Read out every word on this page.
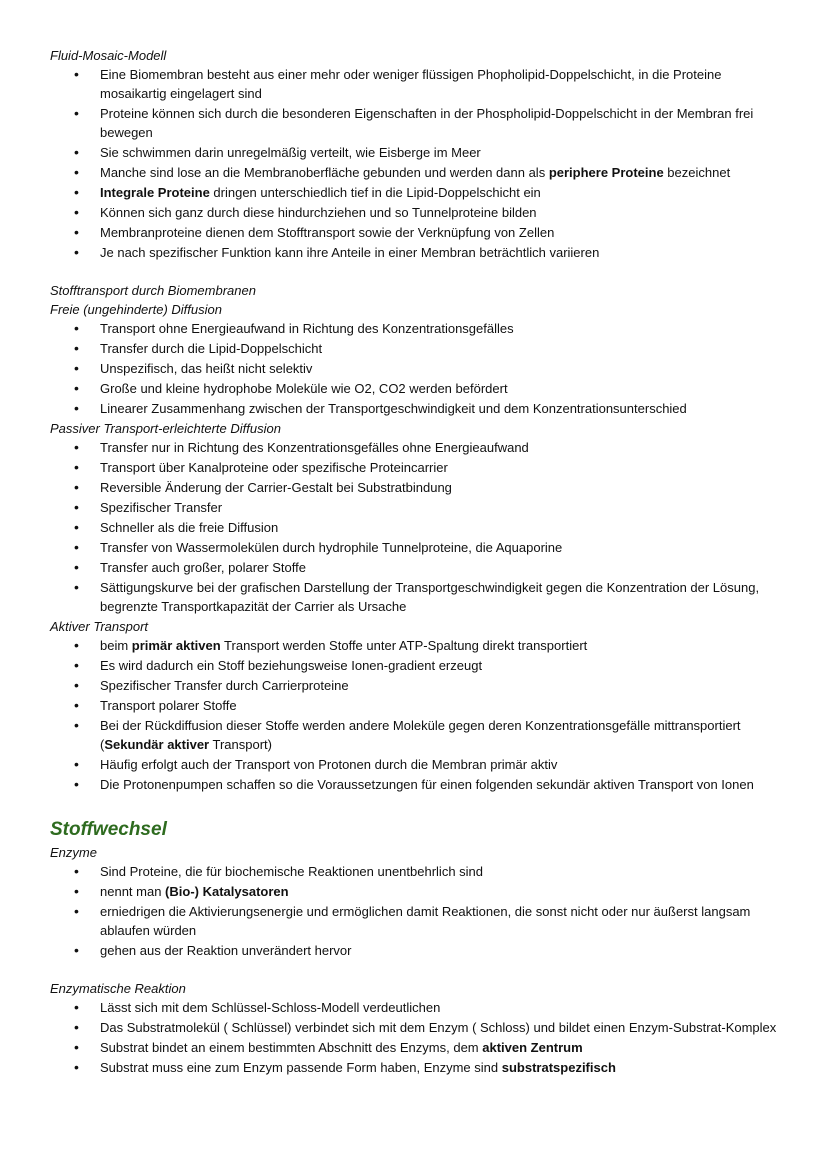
Fluid-Mosaic-Modell

• Eine Biomembran besteht aus einer mehr oder weniger flüssigen Phopholipid-Doppelschicht, in die Proteine mosaikartig eingelagert sind
• Proteine können sich durch die besonderen Eigenschaften in der Phospholipid-Doppelschicht in der Membran frei bewegen
• Sie schwimmen darin unregelmäßig verteilt, wie Eisberge im Meer
• Manche sind lose an die Membranoberfläche gebunden und werden dann als periphere Proteine bezeichnet
• Integrale Proteine dringen unterschiedlich tief in die Lipid-Doppelschicht ein
• Können sich ganz durch diese hindurchziehen und so Tunnelproteine bilden
• Membranproteine dienen dem Stofftransport sowie der Verknüpfung von Zellen
• Je nach spezifischer Funktion kann ihre Anteile in einer Membran beträchtlich variieren

Stofftransport durch Biomembranen

Freie (ungehinderte) Diffusion

• Transport ohne Energieaufwand in Richtung des Konzentrationsgefälles
• Transfer durch die Lipid-Doppelschicht
• Unspezifisch, das heißt nicht selektiv
• Große und kleine hydrophobe Moleküle wie O2, CO2 werden befördert
• Linearer Zusammenhang zwischen der Transportgeschwindigkeit und dem Konzentrationsunterschied

Passiver Transport-erleichterte Diffusion

• Transfer nur in Richtung des Konzentrationsgefälles ohne Energieaufwand
• Transport über Kanalproteine oder spezifische Proteincarrier
• Reversible Änderung der Carrier-Gestalt bei Substratbindung
• Spezifischer Transfer
• Schneller als die freie Diffusion
• Transfer von Wassermolekülen durch hydrophile Tunnelproteine, die Aquaporine
• Transfer auch großer, polarer Stoffe
• Sättigungskurve bei der grafischen Darstellung der Transportgeschwindigkeit gegen die Konzentration der Lösung, begrenzte Transportkapazität der Carrier als Ursache

Aktiver Transport

• beim primär aktiven Transport werden Stoffe unter ATP-Spaltung direkt transportiert
• Es wird dadurch ein Stoff beziehungsweise Ionen-gradient erzeugt
• Spezifischer Transfer durch Carrierproteine
• Transport polarer Stoffe
• Bei der Rückdiffusion dieser Stoffe werden andere Moleküle gegen deren Konzentrationsgefälle mittransportiert (Sekundär aktiver Transport)
• Häufig erfolgt auch der Transport von Protonen durch die Membran primär aktiv
• Die Protonenpumpen schaffen so die Voraussetzungen für einen folgenden sekundär aktiven Transport von Ionen

Stoffwechsel

Enzyme

• Sind Proteine, die für biochemische Reaktionen unentbehrlich sind
• nennt man (Bio-) Katalysatoren
• erniedrigen die Aktivierungsenergie und ermöglichen damit Reaktionen, die sonst nicht oder nur äußerst langsam ablaufen würden
• gehen aus der Reaktion unverändert hervor

Enzymatische Reaktion

• Lässt sich mit dem Schlüssel-Schloss-Modell verdeutlichen
• Das Substratmolekül ( Schlüssel) verbindet sich mit dem Enzym ( Schloss) und bildet einen Enzym-Substrat-Komplex
• Substrat bindet an einem bestimmten Abschnitt des Enzyms, dem aktiven Zentrum
• Substrat muss eine zum Enzym passende Form haben, Enzyme sind substratspezifisch
